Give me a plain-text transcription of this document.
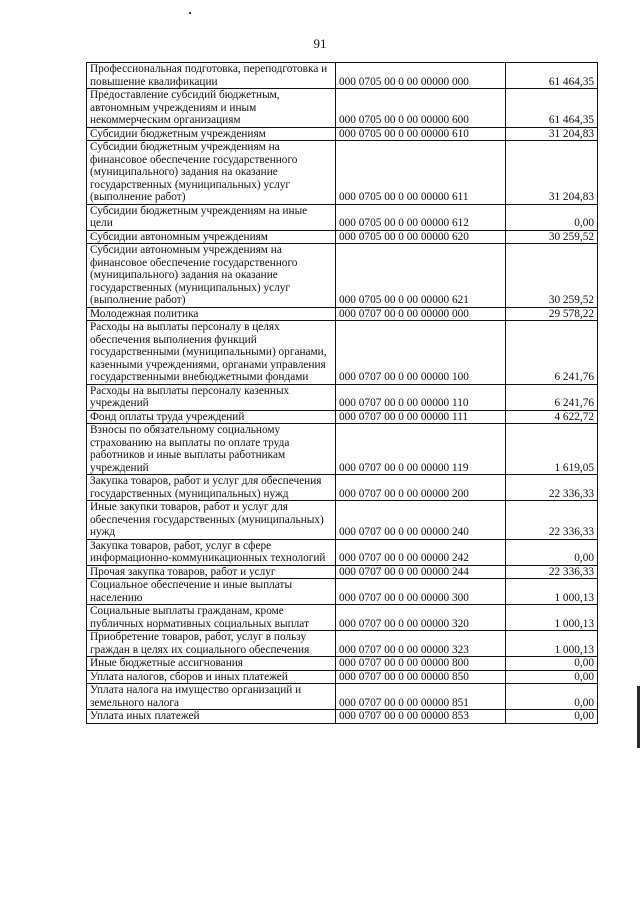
91
Профессиональная подготовка, переподготовка и повышение квалификации	000 0705 00 0 00 00000 000	61 464,35
Предоставление субсидий бюджетным, автономным учреждениям и иным некоммерческим организациям	000 0705 00 0 00 00000 600	61 464,35
Субсидии бюджетным учреждениям	000 0705 00 0 00 00000 610	31 204,83
Субсидии бюджетным учреждениям на финансовое обеспечение государственного (муниципального) задания на оказание государственных (муниципальных) услуг (выполнение работ)	000 0705 00 0 00 00000 611	31 204,83
Субсидии бюджетным учреждениям на иные цели	000 0705 00 0 00 00000 612	0,00
Субсидии автономным учреждениям	000 0705 00 0 00 00000 620	30 259,52
Субсидии автономным учреждениям на финансовое обеспечение государственного (муниципального) задания на оказание государственных (муниципальных) услуг (выполнение работ)	000 0705 00 0 00 00000 621	30 259,52
Молодежная политика	000 0707 00 0 00 00000 000	29 578,22
Расходы на выплаты персоналу в целях обеспечения выполнения функций государственными (муниципальными) органами, казенными учреждениями, органами управления государственными внебюджетными фондами	000 0707 00 0 00 00000 100	6 241,76
Расходы на выплаты персоналу казенных учреждений	000 0707 00 0 00 00000 110	6 241,76
Фонд оплаты труда учреждений	000 0707 00 0 00 00000 111	4 622,72
Взносы по обязательному социальному страхованию на выплаты по оплате труда работников и иные выплаты работникам учреждений	000 0707 00 0 00 00000 119	1 619,05
Закупка товаров, работ и услуг для обеспечения государственных (муниципальных) нужд	000 0707 00 0 00 00000 200	22 336,33
Иные закупки товаров, работ и услуг для обеспечения государственных (муниципальных) нужд	000 0707 00 0 00 00000 240	22 336,33
Закупка товаров, работ, услуг в сфере информационно-коммуникационных технологий	000 0707 00 0 00 00000 242	0,00
Прочая закупка товаров, работ и услуг	000 0707 00 0 00 00000 244	22 336,33
Социальное обеспечение и иные выплаты населению	000 0707 00 0 00 00000 300	1 000,13
Социальные выплаты гражданам, кроме публичных нормативных социальных выплат	000 0707 00 0 00 00000 320	1 000,13
Приобретение товаров, работ, услуг в пользу граждан в целях их социального обеспечения	000 0707 00 0 00 00000 323	1 000,13
Иные бюджетные ассигнования	000 0707 00 0 00 00000 800	0,00
Уплата налогов, сборов и иных платежей	000 0707 00 0 00 00000 850	0,00
Уплата налога на имущество организаций и земельного налога	000 0707 00 0 00 00000 851	0,00
Уплата иных платежей	000 0707 00 0 00 00000 853	0,00
